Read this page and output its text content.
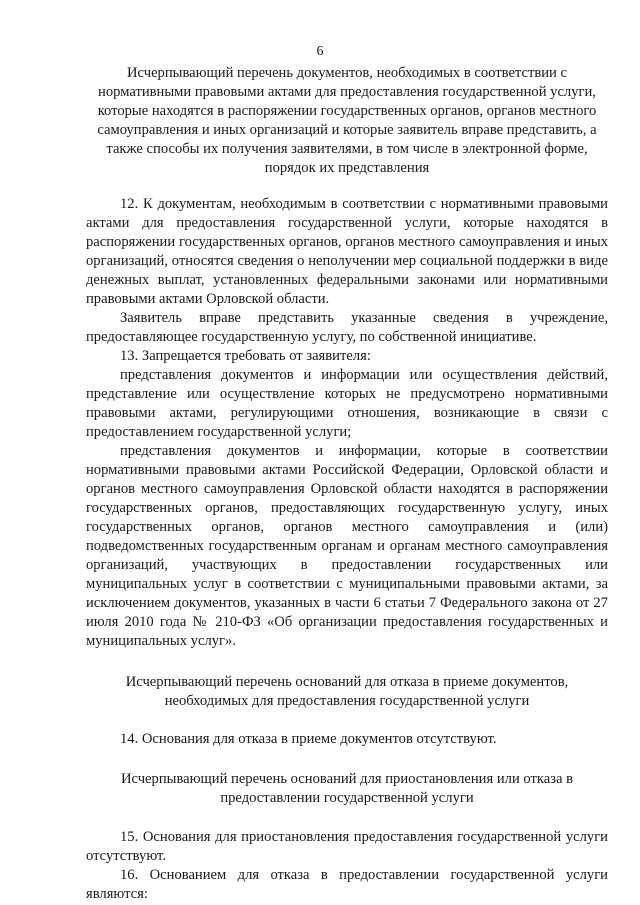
6
Исчерпывающий перечень документов, необходимых в соответствии с нормативными правовыми актами для предоставления государственной услуги, которые находятся в распоряжении государственных органов, органов местного самоуправления и иных организаций и которые заявитель вправе представить, а также способы их получения заявителями, в том числе в электронной форме, порядок их представления
12. К документам, необходимым в соответствии с нормативными правовыми актами для предоставления государственной услуги, которые находятся в распоряжении государственных органов, органов местного самоуправления и иных организаций, относятся сведения о неполучении мер социальной поддержки в виде денежных выплат, установленных федеральными законами или нормативными правовыми актами Орловской области.
Заявитель вправе представить указанные сведения в учреждение, предоставляющее государственную услугу, по собственной инициативе.
13. Запрещается требовать от заявителя:
представления документов и информации или осуществления действий, представление или осуществление которых не предусмотрено нормативными правовыми актами, регулирующими отношения, возникающие в связи с предоставлением государственной услуги;
представления документов и информации, которые в соответствии нормативными правовыми актами Российской Федерации, Орловской области и органов местного самоуправления Орловской области находятся в распоряжении государственных органов, предоставляющих государственную услугу, иных государственных органов, органов местного самоуправления и (или) подведомственных государственным органам и органам местного самоуправления организаций, участвующих в предоставлении государственных или муниципальных услуг в соответствии с муниципальными правовыми актами, за исключением документов, указанных в части 6 статьи 7 Федерального закона от 27 июля 2010 года № 210-ФЗ «Об организации предоставления государственных и муниципальных услуг».
Исчерпывающий перечень оснований для отказа в приеме документов, необходимых для предоставления государственной услуги
14. Основания для отказа в приеме документов отсутствуют.
Исчерпывающий перечень оснований для приостановления или отказа в предоставлении государственной услуги
15. Основания для приостановления предоставления государственной услуги отсутствуют.
16. Основанием для отказа в предоставлении государственной услуги являются:
